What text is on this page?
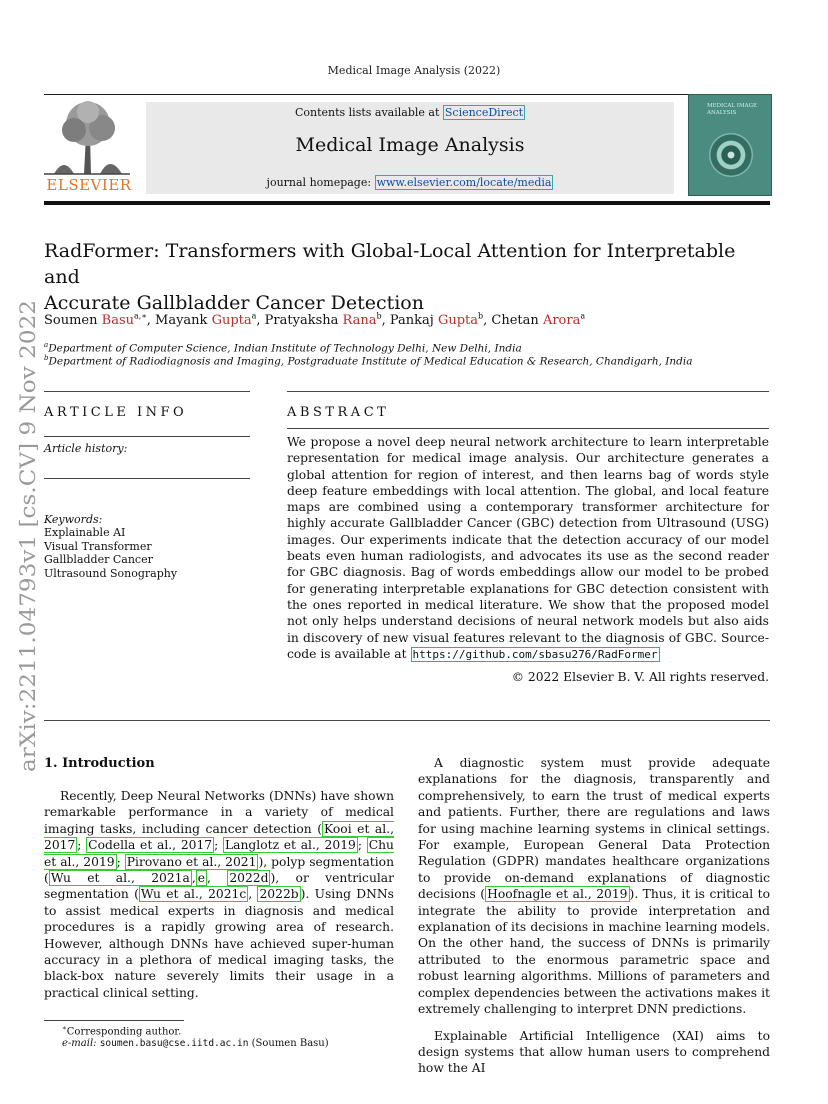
Medical Image Analysis (2022)
ELSEVIER
Contents lists available at ScienceDirect
Medical Image Analysis
journal homepage: www.elsevier.com/locate/media
MEDICAL IMAGE ANALYSIS
arXiv:2211.04793v1 [cs.CV] 9 Nov 2022
RadFormer: Transformers with Global-Local Attention for Interpretable and
Accurate Gallbladder Cancer Detection
Soumen Basu$^{a,∗}$, Mayank Gupta$^a$, Pratyaksha Rana$^b$, Pankaj Gupta$^b$, Chetan Arora$^a$
$^a$Department of Computer Science, Indian Institute of Technology Delhi, New Delhi, India
$^b$Department of Radiodiagnosis and Imaging, Postgraduate Institute of Medical Education & Research, Chandigarh, India
ARTICLE INFO	ABSTRACT
Article history:
Keywords:
Explainable AI
Visual Transformer
Gallbladder Cancer
Ultrasound Sonography
We propose a novel deep neural network architecture to learn interpretable representation for medical image analysis. Our architecture generates a global attention for region of interest, and then learns bag of words style deep feature embeddings with local attention. The global, and local feature maps are combined using a contemporary transformer architecture for highly accurate Gallbladder Cancer (GBC) detection from Ultrasound (USG) images. Our experiments indicate that the detection accuracy of our model beats even human radiologists, and advocates its use as the second reader for GBC diagnosis. Bag of words embeddings allow our model to be probed for generating interpretable explanations for GBC detection consistent with the ones reported in medical literature. We show that the proposed model not only helps understand decisions of neural network models but also aids in discovery of new visual features relevant to the diagnosis of GBC. Source-code is available at https://github.com/sbasu276/RadFormer
© 2022 Elsevier B. V. All rights reserved.
1. Introduction

Recently, Deep Neural Networks (DNNs) have shown remarkable performance in a variety of medical imaging tasks, including cancer detection ( Kooi et al., 2017 ; Codella et al., 2017 ; Langlotz et al., 2019 ; Chu et al., 2019 ; Pirovano et al., 2021 ), polyp segmentation ( Wu et al., 2021a , e , 2022d ), or ventricular segmentation ( Wu et al., 2021c , 2022b ). Using DNNs to assist medical experts in diagnosis and medical procedures is a rapidly growing area of research. However, although DNNs have achieved super-human accuracy in a plethora of medical imaging tasks, the black-box nature severely limits their usage in a practical clinical setting.

A diagnostic system must provide adequate explanations for the diagnosis, transparently and comprehensively, to earn the trust of medical experts and patients. Further, there are regulations and laws for using machine learning systems in clinical settings. For example, European General Data Protection Regulation (GDPR) mandates healthcare organizations to provide on-demand explanations of diagnostic decisions ( Hoofnagle et al., 2019 ). Thus, it is critical to integrate the ability to provide interpretation and explanation of its decisions in machine learning models. On the other hand, the success of DNNs is primarily attributed to the enormous parametric space and robust learning algorithms. Millions of parameters and complex dependencies between the activations makes it extremely challenging to interpret DNN predictions.

Explainable Artificial Intelligence (XAI) aims to design systems that allow human users to comprehend how the AI

∗Corresponding author.
e-mail: soumen.basu@cse.iitd.ac.in (Soumen Basu)
